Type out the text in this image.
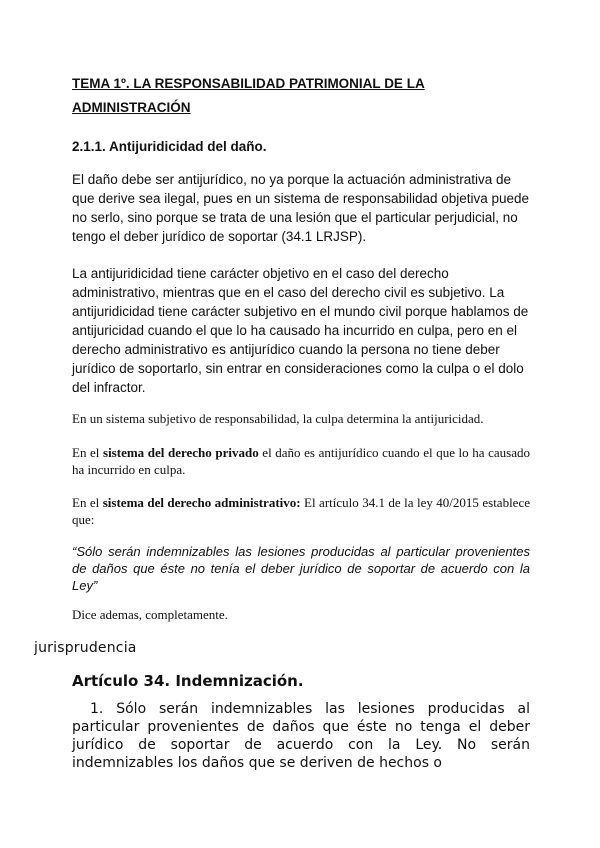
TEMA 1º. LA RESPONSABILIDAD PATRIMONIAL DE LA ADMINISTRACIÓN
2.1.1. Antijuridicidad del daño.

El daño debe ser antijurídico, no ya porque la actuación administrativa de que derive sea ilegal, pues en un sistema de responsabilidad objetiva puede no serlo, sino porque se trata de una lesión que el particular perjudicial, no tengo el deber jurídico de soportar (34.1 LRJSP).

La antijuridicidad tiene carácter objetivo en el caso del derecho administrativo, mientras que en el caso del derecho civil es subjetivo. La antijuridicidad tiene carácter subjetivo en el mundo civil porque hablamos de antijuricidad cuando el que lo ha causado ha incurrido en culpa, pero en el derecho administrativo es antijurídico cuando la persona no tiene deber jurídico de soportarlo, sin entrar en consideraciones como la culpa o el dolo del infractor.

En un sistema subjetivo de responsabilidad, la culpa determina la antijuricidad.

En el sistema del derecho privado el daño es antijurídico cuando el que lo ha causado ha incurrido en culpa.

En el sistema del derecho administrativo: El artículo 34.1 de la ley 40/2015 establece que:

“Sólo serán indemnizables las lesiones producidas al particular provenientes de daños que éste no tenía el deber jurídico de soportar de acuerdo con la Ley”

Dice ademas, completamente.

jurisprudencia

Artículo 34. Indemnización.

1. Sólo serán indemnizables las lesiones producidas al particular provenientes de daños que éste no tenga el deber jurídico de soportar de acuerdo con la Ley. No serán indemnizables los daños que se deriven de hechos o
